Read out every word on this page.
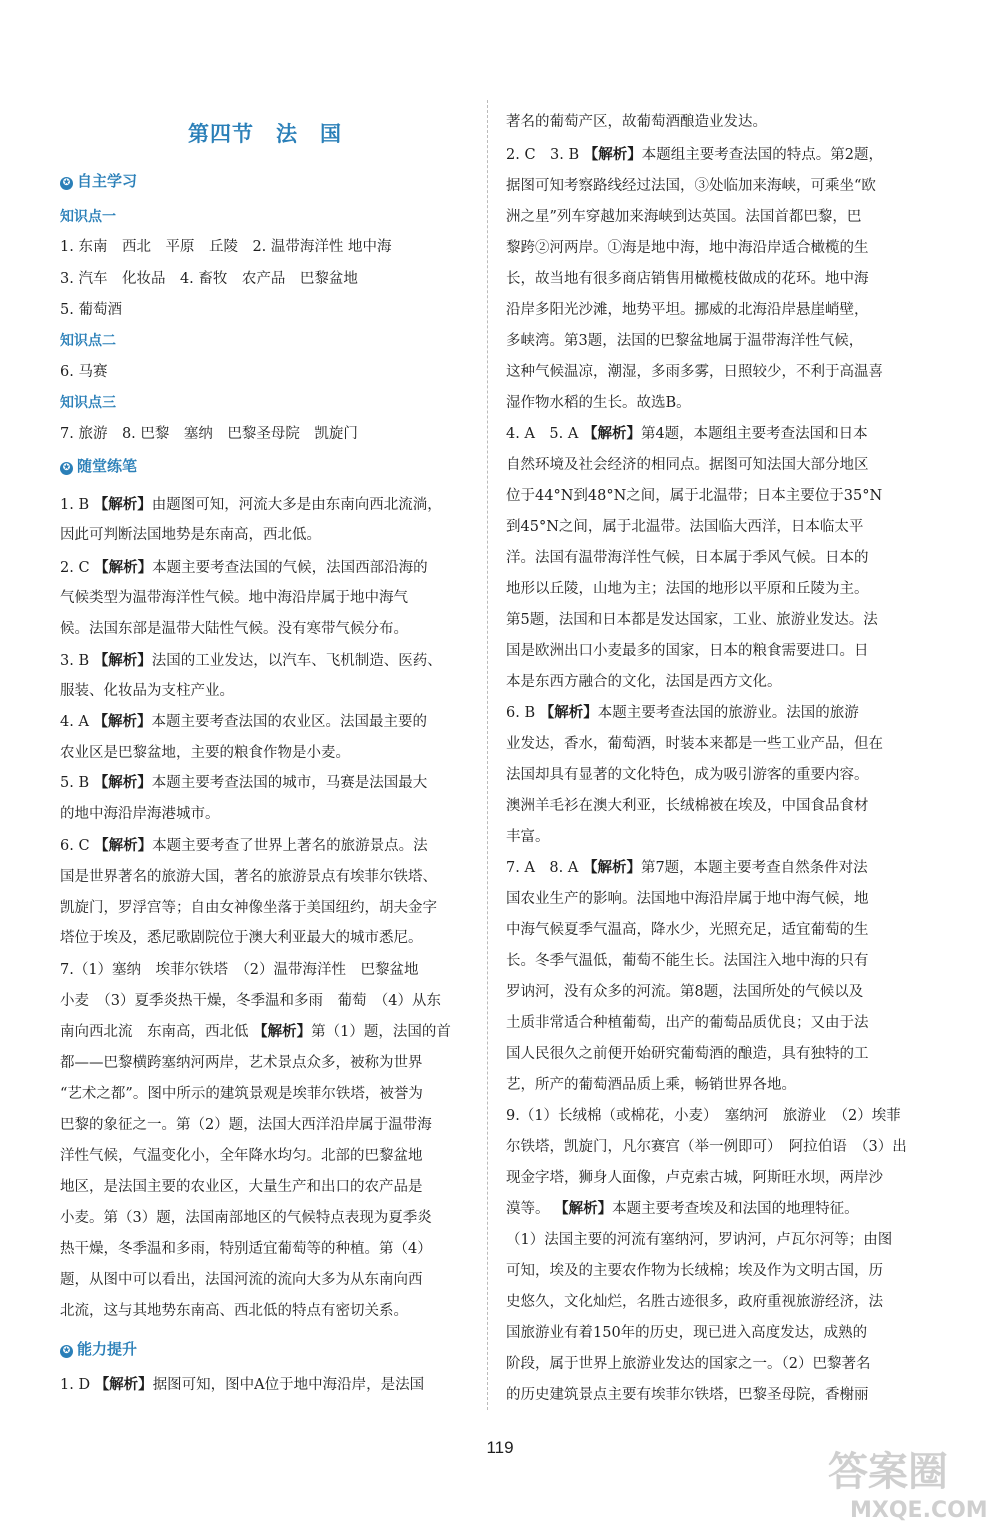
第四节　法　国
✪ 自主学习
知识点一
知识点二
知识点三
✪ 随堂练笔
✪ 能力提升
119
答案圈
MXQE.COM
1. 东南　西北　平原　丘陵　2. 温带海洋性 地中海
3. 汽车　化妆品　4. 畜牧　农产品　巴黎盆地
5. 葡萄酒
6. 马赛
7. 旅游　8. 巴黎　塞纳　巴黎圣母院　凯旋门
1. B 【解析】由题图可知，河流大多是由东南向西北流淌，
因此可判断法国地势是东南高，西北低。
2. C 【解析】本题主要考查法国的气候，法国西部沿海的
气候类型为温带海洋性气候。地中海沿岸属于地中海气
候。法国东部是温带大陆性气候。没有寒带气候分布。
3. B 【解析】法国的工业发达，以汽车、飞机制造、医药、
服装、化妆品为支柱产业。
4. A 【解析】本题主要考查法国的农业区。法国最主要的
农业区是巴黎盆地，主要的粮食作物是小麦。
5. B 【解析】本题主要考查法国的城市，马赛是法国最大
的地中海沿岸海港城市。
6. C 【解析】本题主要考查了世界上著名的旅游景点。法
国是世界著名的旅游大国，著名的旅游景点有埃菲尔铁塔、
凯旋门，罗浮宫等；自由女神像坐落于美国纽约，胡夫金字
塔位于埃及，悉尼歌剧院位于澳大利亚最大的城市悉尼。
7.（1）塞纳　埃菲尔铁塔　（2）温带海洋性　巴黎盆地
小麦　（3）夏季炎热干燥，冬季温和多雨　葡萄　（4）从东
南向西北流　东南高，西北低 【解析】第（1）题，法国的首
都——巴黎横跨塞纳河两岸，艺术景点众多，被称为世界
“艺术之都”。图中所示的建筑景观是埃菲尔铁塔，被誉为
巴黎的象征之一。第（2）题，法国大西洋沿岸属于温带海
洋性气候，气温变化小，全年降水均匀。北部的巴黎盆地
地区，是法国主要的农业区，大量生产和出口的农产品是
小麦。第（3）题，法国南部地区的气候特点表现为夏季炎
热干燥，冬季温和多雨，特别适宜葡萄等的种植。第（4）
题，从图中可以看出，法国河流的流向大多为从东南向西
北流，这与其地势东南高、西北低的特点有密切关系。
1. D 【解析】据图可知，图中A位于地中海沿岸，是法国
著名的葡萄产区，故葡萄酒酿造业发达。
2. C　3. B 【解析】本题组主要考查法国的特点。第2题，
据图可知考察路线经过法国，③处临加来海峡，可乘坐“欧
洲之星”列车穿越加来海峡到达英国。法国首都巴黎，巴
黎跨②河两岸。①海是地中海，地中海沿岸适合橄榄的生
长，故当地有很多商店销售用橄榄枝做成的花环。地中海
沿岸多阳光沙滩，地势平坦。挪威的北海沿岸悬崖峭壁，
多峡湾。第3题，法国的巴黎盆地属于温带海洋性气候，
这种气候温凉，潮湿，多雨多雾，日照较少，不利于高温喜
湿作物水稻的生长。故选B。
4. A　5. A 【解析】第4题，本题组主要考查法国和日本
自然环境及社会经济的相同点。据图可知法国大部分地区
位于44°N到48°N之间，属于北温带；日本主要位于35°N
到45°N之间，属于北温带。法国临大西洋，日本临太平
洋。法国有温带海洋性气候，日本属于季风气候。日本的
地形以丘陵，山地为主；法国的地形以平原和丘陵为主。
第5题，法国和日本都是发达国家，工业、旅游业发达。法
国是欧洲出口小麦最多的国家，日本的粮食需要进口。日
本是东西方融合的文化，法国是西方文化。
6. B 【解析】本题主要考查法国的旅游业。法国的旅游
业发达，香水，葡萄酒，时装本来都是一些工业产品，但在
法国却具有显著的文化特色，成为吸引游客的重要内容。
澳洲羊毛衫在澳大利亚，长绒棉被在埃及，中国食品食材
丰富。
7. A　8. A 【解析】第7题，本题主要考查自然条件对法
国农业生产的影响。法国地中海沿岸属于地中海气候，地
中海气候夏季气温高，降水少，光照充足，适宜葡萄的生
长。冬季气温低，葡萄不能生长。法国注入地中海的只有
罗讷河，没有众多的河流。第8题，法国所处的气候以及
土质非常适合种植葡萄，出产的葡萄品质优良；又由于法
国人民很久之前便开始研究葡萄酒的酿造，具有独特的工
艺，所产的葡萄酒品质上乘，畅销世界各地。
9.（1）长绒棉（或棉花，小麦）　塞纳河　旅游业　（2）埃菲
尔铁塔，凯旋门，凡尔赛宫（举一例即可）　阿拉伯语　（3）出
现金字塔，狮身人面像，卢克索古城，阿斯旺水坝，两岸沙
漠等。 【解析】本题主要考查埃及和法国的地理特征。
（1）法国主要的河流有塞纳河，罗讷河，卢瓦尔河等；由图
可知，埃及的主要农作物为长绒棉；埃及作为文明古国，历
史悠久，文化灿烂，名胜古迹很多，政府重视旅游经济，法
国旅游业有着150年的历史，现已进入高度发达，成熟的
阶段，属于世界上旅游业发达的国家之一。（2）巴黎著名
的历史建筑景点主要有埃菲尔铁塔，巴黎圣母院，香榭丽
